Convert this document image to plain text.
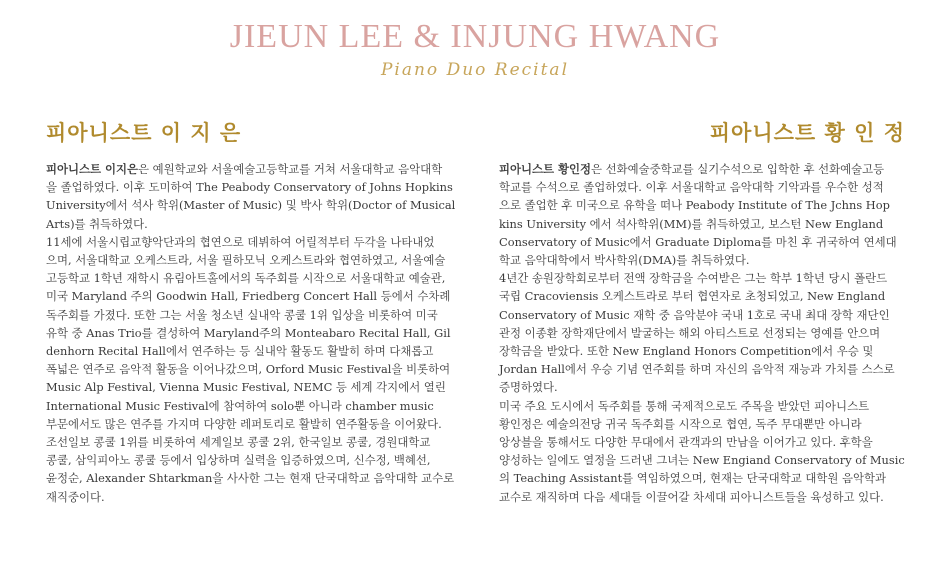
JIEUN LEE & INJUNG HWANG
Piano Duo Recital
피아니스트 이 지 은	피아니스트 황 인 정
피아니스트 이지은은 예원학교와 서울예술고등학교를 거쳐 서울대학교 음악대학
을 졸업하였다. 이후 도미하여 The Peabody Conservatory of Johns Hopkins
University에서 석사 학위(Master of Music) 및 박사 학위(Doctor of Musical
Arts)를 취득하였다.
11세에 서울시립교향악단과의 협연으로 데뷔하여 어릴적부터 두각을 나타내었
으며, 서울대학교 오케스트라, 서울 필하모닉 오케스트라와 협연하였고, 서울예술
고등학교 1학년 재학시 유림아트홀에서의 독주회를 시작으로 서울대학교 예술관,
미국 Maryland 주의 Goodwin Hall, Friedberg Concert Hall 등에서 수차례
독주회를 가졌다. 또한 그는 서울 청소년 실내악 콩쿨 1위 입상을 비롯하여 미국
유학 중 Anas Trio를 결성하여 Maryland주의 Monteabaro Recital Hall, Gil
denhorn Recital Hall에서 연주하는 등 실내악 활동도 활발히 하며 다채롭고
폭넓은 연주로 음악적 활동을 이어나갔으며, Orford Music Festival을 비롯하여
Music Alp Festival, Vienna Music Festival, NEMC 등 세계 각지에서 열린
International Music Festival에 참여하여 solo뿐 아니라 chamber music
부문에서도 많은 연주를 가지며 다양한 레퍼토리로 활발히 연주활동을 이어왔다.
조선일보 콩쿨 1위를 비롯하여 세계일보 콩쿨 2위, 한국일보 콩쿨, 경원대학교
콩쿨, 삼익피아노 콩쿨 등에서 입상하며 실력을 입증하였으며, 신수정, 백혜선,
윤정순, Alexander Shtarkman을 사사한 그는 현재 단국대학교 음악대학 교수로
재직중이다.
피아니스트 황인정은 선화예술중학교를 실기수석으로 입학한 후 선화예술고등
학교를 수석으로 졸업하였다. 이후 서울대학교 음악대학 기악과를 우수한 성적
으로 졸업한 후 미국으로 유학을 떠나 Peabody Institute of The Jchns Hop
kins University 에서 석사학위(MM)를 취득하였고, 보스턴 New England
Conservatory of Music에서 Graduate Diploma를 마친 후 귀국하여 연세대
학교 음악대학에서 박사학위(DMA)를 취득하였다.
4년간 송원장학회로부터 전액 장학금을 수여받은 그는 학부 1학년 당시 폴란드
국립 Cracoviensis 오케스트라로 부터 협연자로 초청되었고, New England
Conservatory of Music 재학 중 음악분야 국내 1호로 국내 최대 장학 재단인
관정 이종환 장학재단에서 발굴하는 해외 아티스트로 선정되는 영예를 안으며
장학금을 받았다. 또한 New England Honors Competition에서 우승 및
Jordan Hall에서 우승 기념 연주회를 하며 자신의 음악적 재능과 가치를 스스로
증명하였다.
미국 주요 도시에서 독주회를 통해 국제적으로도 주목을 받았던 피아니스트
황인정은 예술의전당 귀국 독주회를 시작으로 협연, 독주 무대뿐만 아니라
앙상블을 통해서도 다양한 무대에서 관객과의 만남을 이어가고 있다. 후학을
양성하는 일에도 열정을 드러낸 그녀는 New Engiand Conservatory of Music
의 Teaching Assistant를 역임하였으며, 현재는 단국대학교 대학원 음악학과
교수로 재직하며 다음 세대들 이끌어갈 차세대 피아니스트들을 육성하고 있다.
